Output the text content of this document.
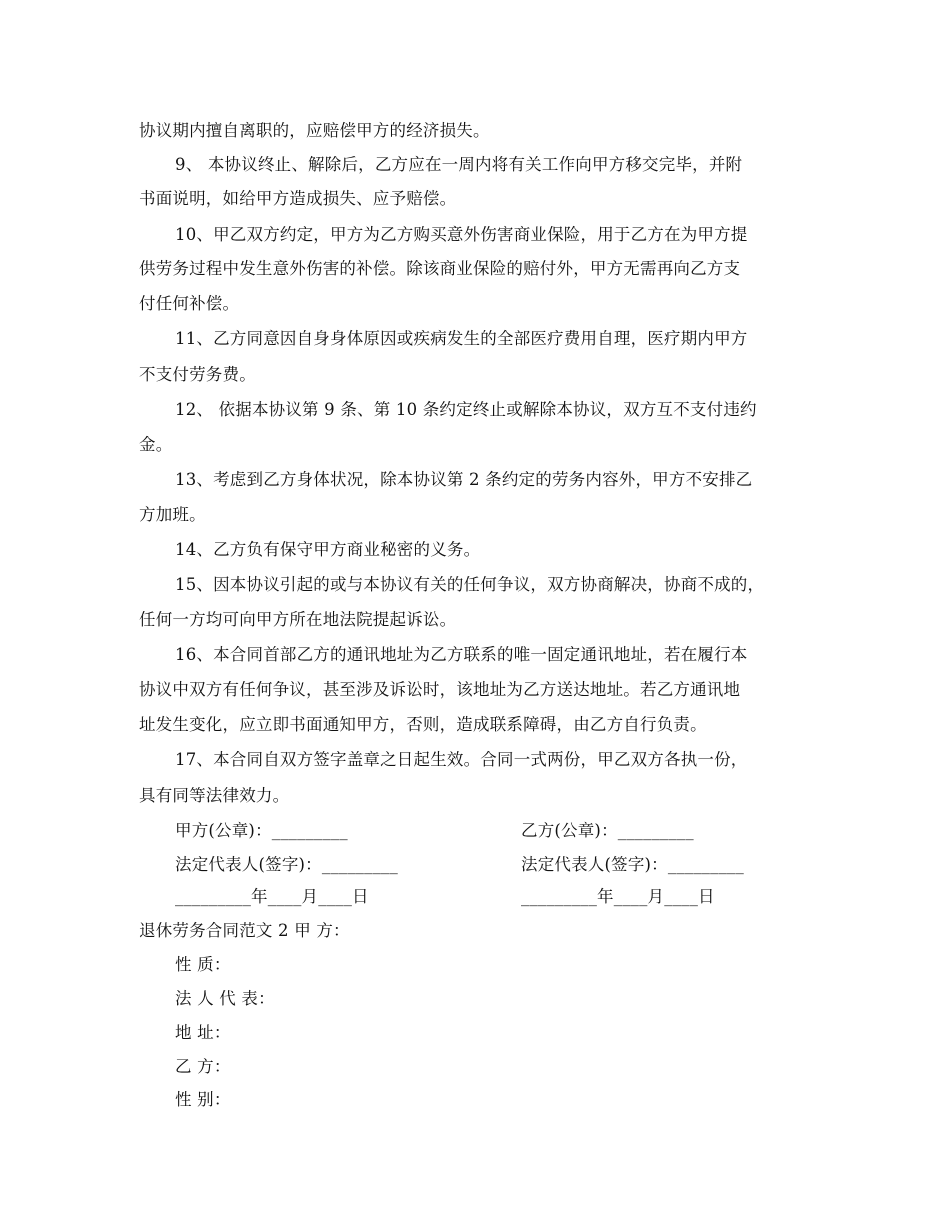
协议期内擅自离职的，应赔偿甲方的经济损失。
9、 本协议终止、解除后，乙方应在一周内将有关工作向甲方移交完毕，并附
书面说明，如给甲方造成损失、应予赔偿。
10、甲乙双方约定，甲方为乙方购买意外伤害商业保险，用于乙方在为甲方提
供劳务过程中发生意外伤害的补偿。除该商业保险的赔付外，甲方无需再向乙方支
付任何补偿。
11、乙方同意因自身身体原因或疾病发生的全部医疗费用自理，医疗期内甲方
不支付劳务费。
12、 依据本协议第 9 条、第 10 条约定终止或解除本协议，双方互不支付违约
金。
13、考虑到乙方身体状况，除本协议第 2 条约定的劳务内容外，甲方不安排乙
方加班。
14、乙方负有保守甲方商业秘密的义务。
15、因本协议引起的或与本协议有关的任何争议，双方协商解决，协商不成的，
任何一方均可向甲方所在地法院提起诉讼。
16、本合同首部乙方的通讯地址为乙方联系的唯一固定通讯地址，若在履行本
协议中双方有任何争议，甚至涉及诉讼时，该地址为乙方送达地址。若乙方通讯地
址发生变化，应立即书面通知甲方，否则，造成联系障碍，由乙方自行负责。
17、本合同自双方签字盖章之日起生效。合同一式两份，甲乙双方各执一份，
具有同等法律效力。
甲方(公章)：_________	乙方(公章)：_________
法定代表人(签字)：_________	法定代表人(签字)：_________
_________年____月____日	_________年____月____日
退休劳务合同范文 2 甲 方：
性 质：
法 人 代 表：
地 址：
乙 方：
性 别：
